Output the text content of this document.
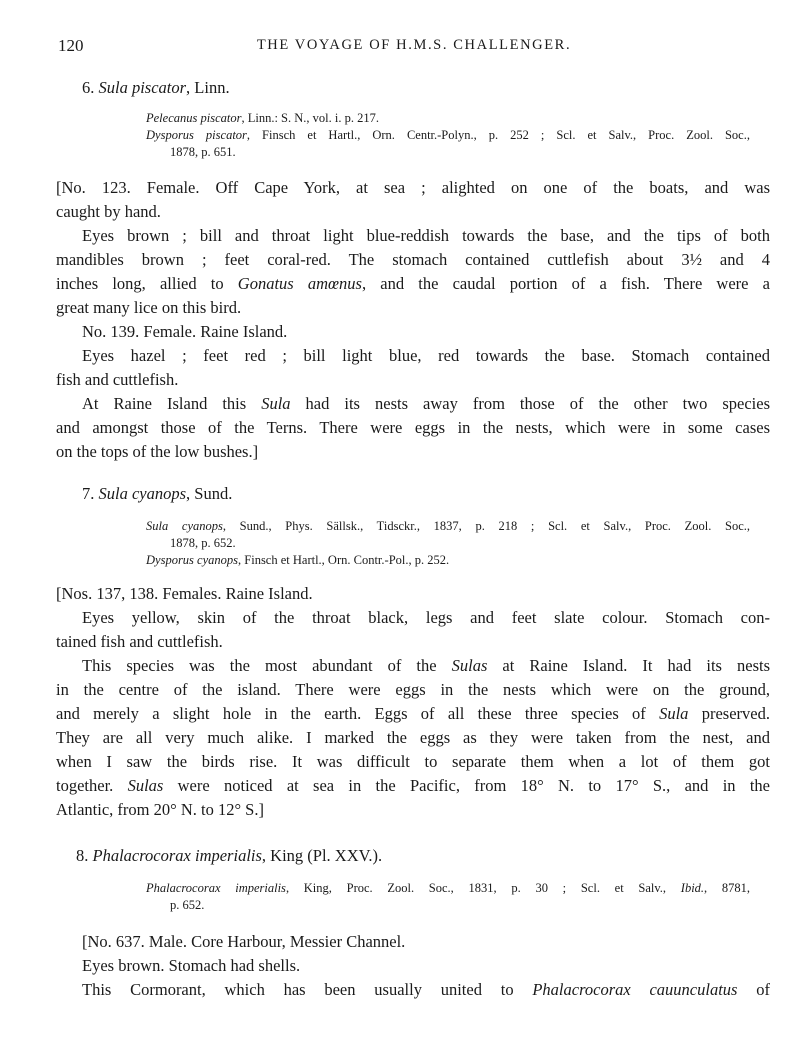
120	THE VOYAGE OF H.M.S. CHALLENGER.
6. Sula piscator, Linn.
Pelecanus piscator, Linn.: S. N., vol. i. p. 217.
Dysporus piscator, Finsch et Hartl., Orn. Centr.-Polyn., p. 252 ; Scl. et Salv., Proc. Zool. Soc.,
1878, p. 651.
[No. 123. Female. Off Cape York, at sea ; alighted on one of the boats, and was
caught by hand.
Eyes brown ; bill and throat light blue-reddish towards the base, and the tips of both
mandibles brown ; feet coral-red. The stomach contained cuttlefish about 3½ and 4
inches long, allied to Gonatus amœnus, and the caudal portion of a fish. There were a
great many lice on this bird.
No. 139. Female. Raine Island.
Eyes hazel ; feet red ; bill light blue, red towards the base. Stomach contained
fish and cuttlefish.
At Raine Island this Sula had its nests away from those of the other two species
and amongst those of the Terns. There were eggs in the nests, which were in some cases
on the tops of the low bushes.]
7. Sula cyanops, Sund.
Sula cyanops, Sund., Phys. Sällsk., Tidsckr., 1837, p. 218 ; Scl. et Salv., Proc. Zool. Soc.,
1878, p. 652.
Dysporus cyanops, Finsch et Hartl., Orn. Contr.-Pol., p. 252.
[Nos. 137, 138. Females. Raine Island.
Eyes yellow, skin of the throat black, legs and feet slate colour. Stomach con-
tained fish and cuttlefish.
This species was the most abundant of the Sulas at Raine Island. It had its nests
in the centre of the island. There were eggs in the nests which were on the ground,
and merely a slight hole in the earth. Eggs of all these three species of Sula preserved.
They are all very much alike. I marked the eggs as they were taken from the nest, and
when I saw the birds rise. It was difficult to separate them when a lot of them got
together. Sulas were noticed at sea in the Pacific, from 18° N. to 17° S., and in the
Atlantic, from 20° N. to 12° S.]
8. Phalacrocorax imperialis, King (Pl. XXV.).
Phalacrocorax imperialis, King, Proc. Zool. Soc., 1831, p. 30 ; Scl. et Salv., Ibid., 8781,
p. 652.
[No. 637. Male. Core Harbour, Messier Channel.
Eyes brown. Stomach had shells.
This Cormorant, which has been usually united to Phalacrocorax cauunculatus of
